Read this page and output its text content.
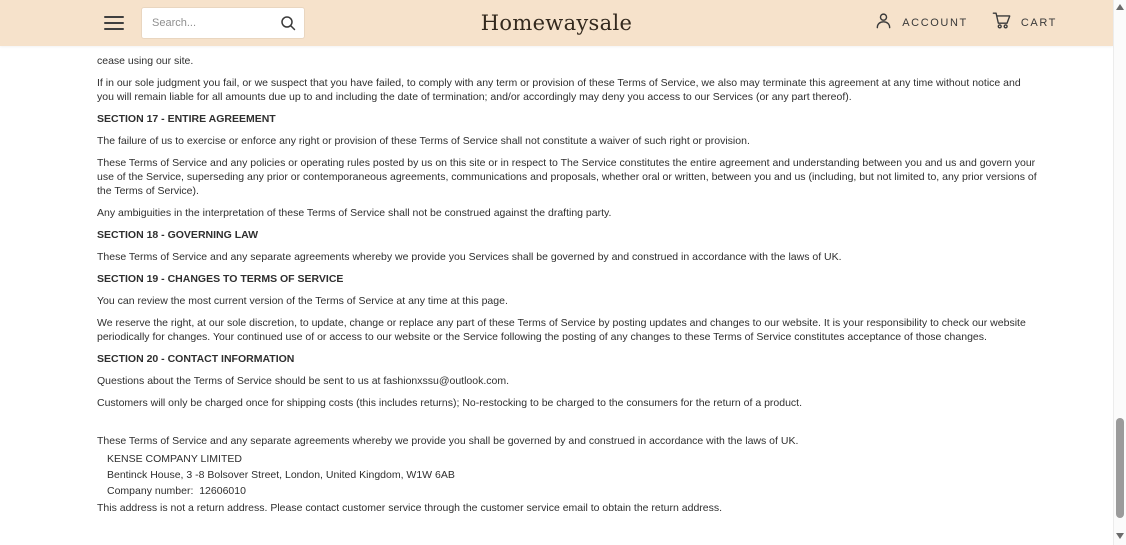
Search...
Homewaysale	ACCOUNT	CART

cease using our site.

If in our sole judgment you fail, or we suspect that you have failed, to comply with any term or provision of these Terms of Service, we also may terminate this agreement at any time without notice and you will remain liable for all amounts due up to and including the date of termination; and/or accordingly may deny you access to our Services (or any part thereof).

SECTION 17 - ENTIRE AGREEMENT

The failure of us to exercise or enforce any right or provision of these Terms of Service shall not constitute a waiver of such right or provision.

These Terms of Service and any policies or operating rules posted by us on this site or in respect to The Service constitutes the entire agreement and understanding between you and us and govern your use of the Service, superseding any prior or contemporaneous agreements, communications and proposals, whether oral or written, between you and us (including, but not limited to, any prior versions of the Terms of Service).

Any ambiguities in the interpretation of these Terms of Service shall not be construed against the drafting party.

SECTION 18 - GOVERNING LAW

These Terms of Service and any separate agreements whereby we provide you Services shall be governed by and construed in accordance with the laws of UK.

SECTION 19 - CHANGES TO TERMS OF SERVICE

You can review the most current version of the Terms of Service at any time at this page.

We reserve the right, at our sole discretion, to update, change or replace any part of these Terms of Service by posting updates and changes to our website. It is your responsibility to check our website periodically for changes. Your continued use of or access to our website or the Service following the posting of any changes to these Terms of Service constitutes acceptance of those changes.

SECTION 20 - CONTACT INFORMATION

Questions about the Terms of Service should be sent to us at fashionxssu@outlook.com.

Customers will only be charged once for shipping costs (this includes returns); No-restocking to be charged to the consumers for the return of a product.

These Terms of Service and any separate agreements whereby we provide you shall be governed by and construed in accordance with the laws of UK.

KENSE COMPANY LIMITED

Bentinck House, 3 -8 Bolsover Street, London, United Kingdom, W1W 6AB

Company number:  12606010

This address is not a return address. Please contact customer service through the customer service email to obtain the return address.
